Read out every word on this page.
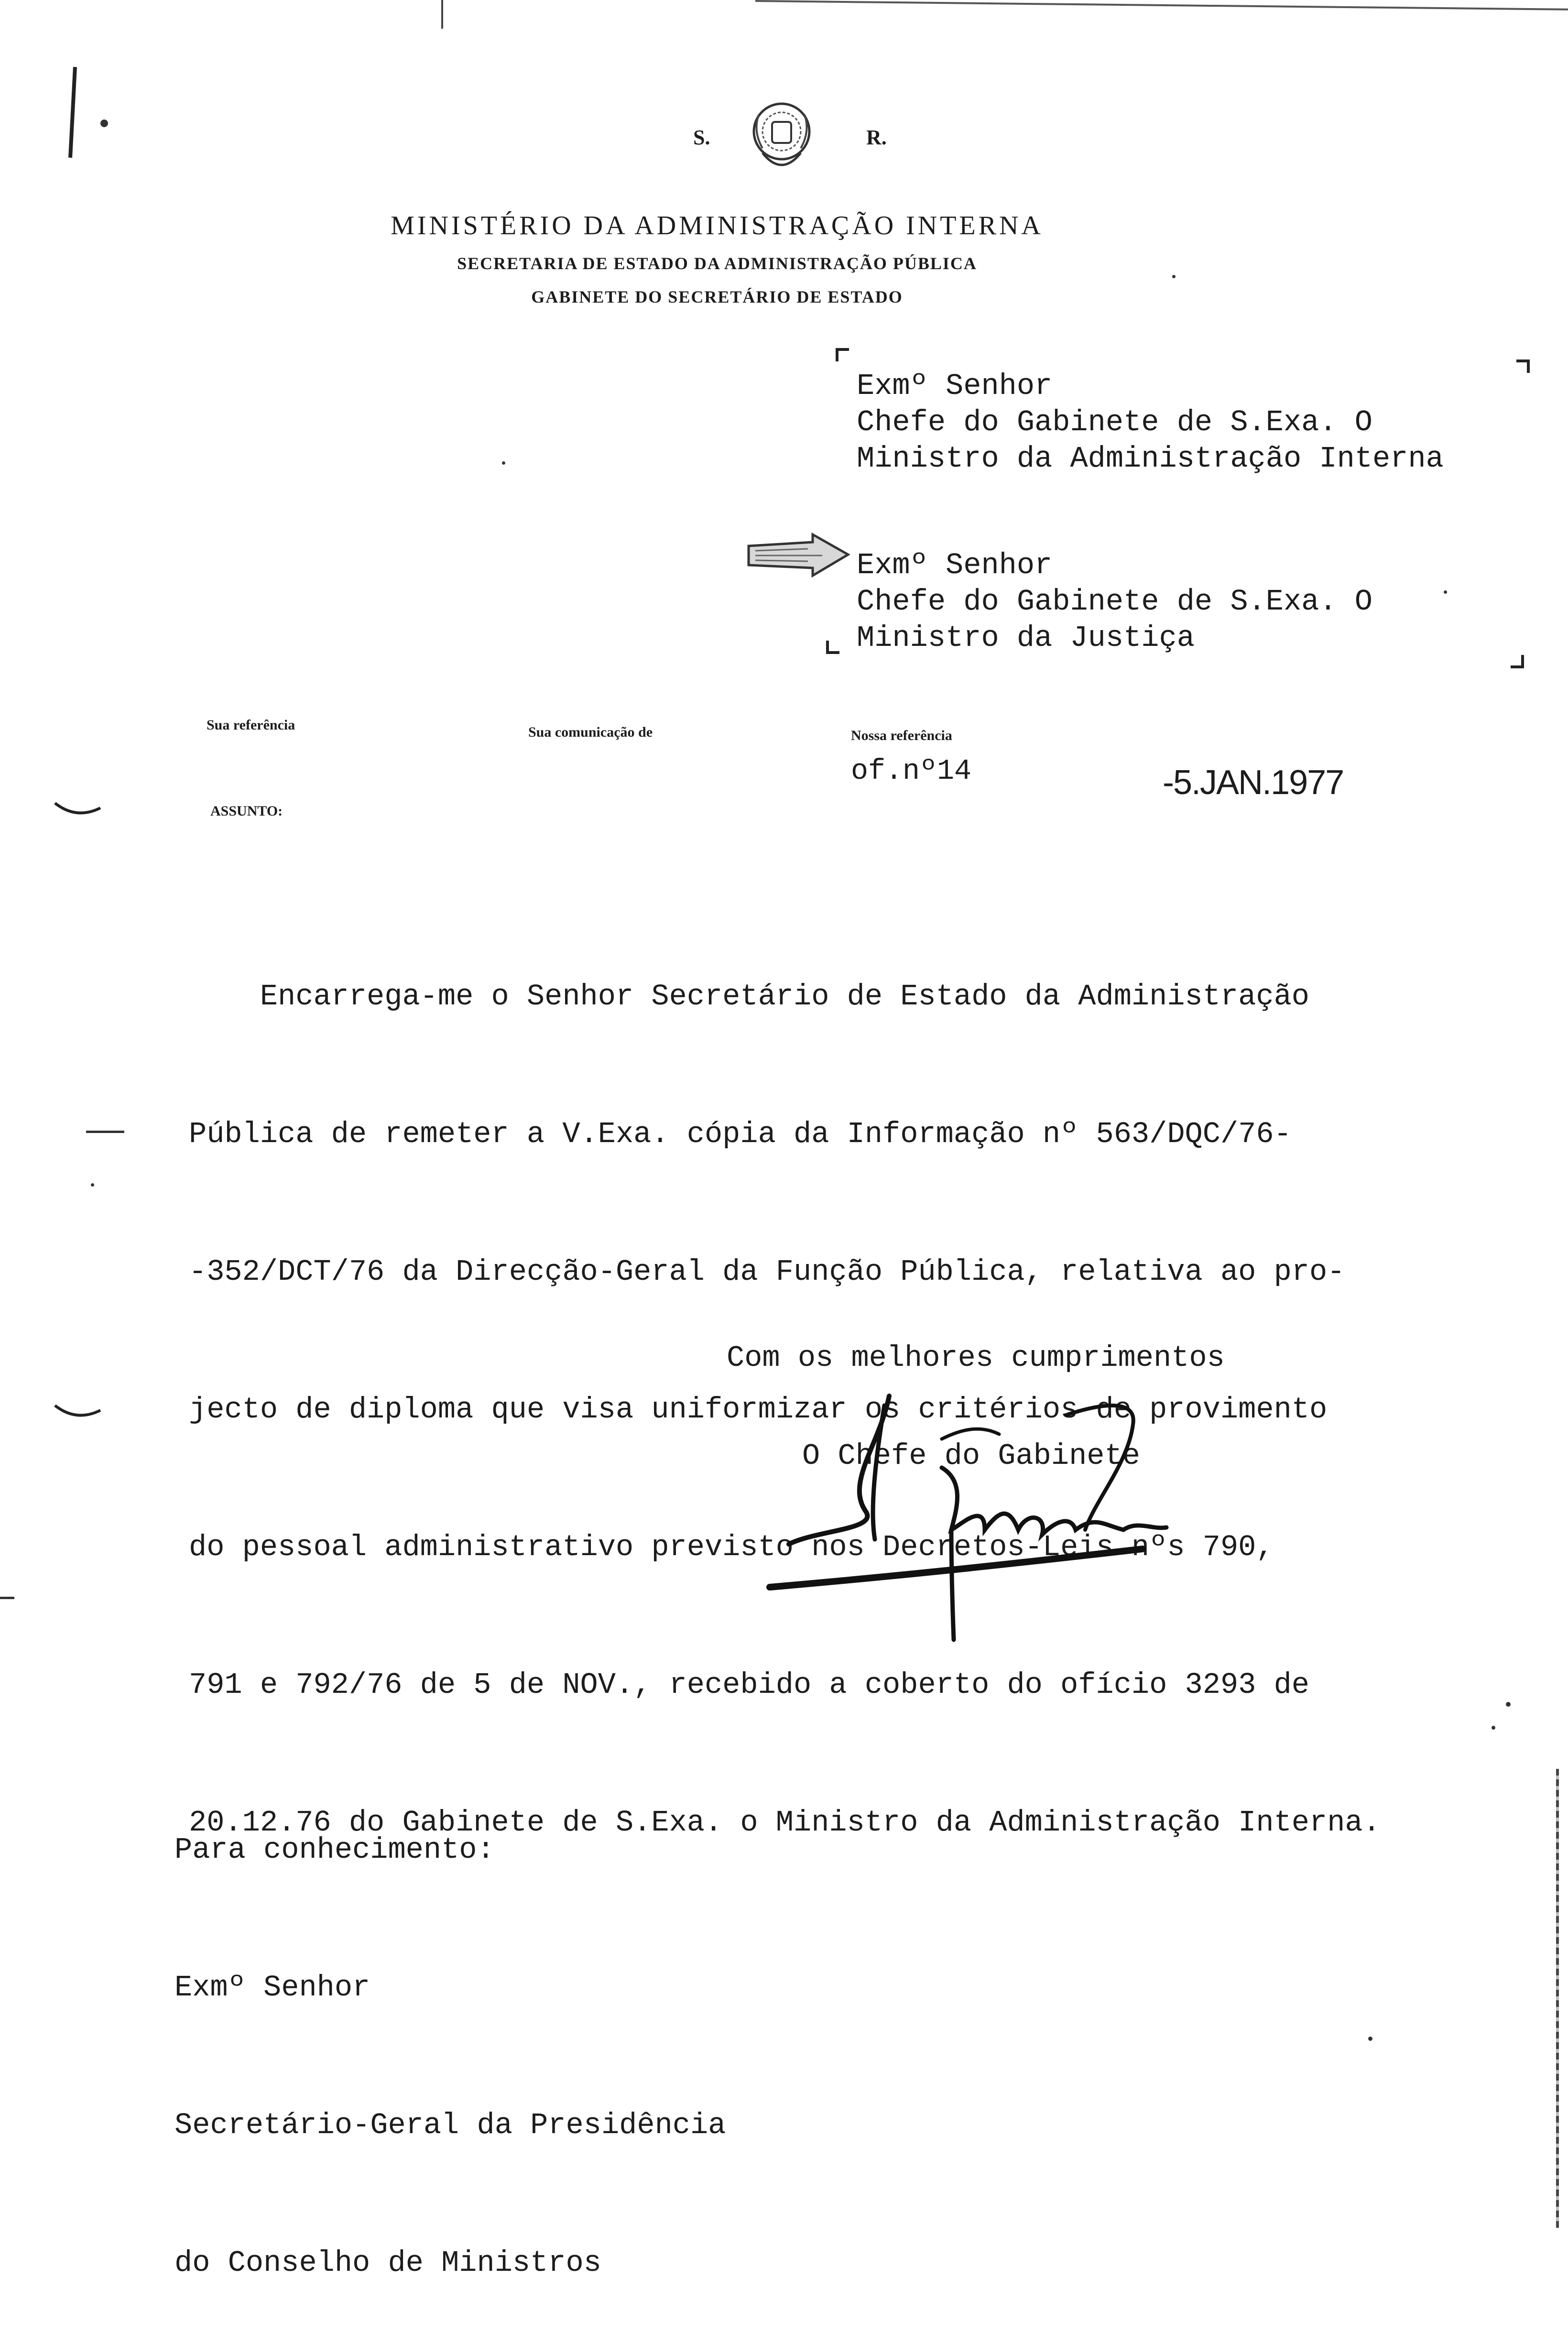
S.	R.
MINISTÉRIO DA ADMINISTRAÇÃO INTERNA
SECRETARIA DE ESTADO DA ADMINISTRAÇÃO PÚBLICA
GABINETE DO SECRETÁRIO DE ESTADO
Exmº Senhor
Chefe do Gabinete de S.Exa. O
Ministro da Administração Interna
Exmº Senhor
Chefe do Gabinete de S.Exa. O
Ministro da Justiça
Sua referência	Sua comunicação de	Nossa referência
of.nº14	-5.JAN.1977
ASSUNTO:

Encarrega-me o Senhor Secretário de Estado da Administração

Pública de remeter a V.Exa. cópia da Informação nº 563/DQC/76-

-352/DCT/76 da Direcção-Geral da Função Pública, relativa ao pro-

jecto de diploma que visa uniformizar os critérios de provimento

do pessoal administrativo previsto nos Decretos-Leis nºs 790,

791 e 792/76 de 5 de NOV., recebido a coberto do ofício 3293 de

20.12.76 do Gabinete de S.Exa. o Ministro da Administração Interna.

Com os melhores cumprimentos
O Chefe do Gabinete

Para conhecimento:

Exmº Senhor

Secretário-Geral da Presidência

do Conselho de Ministros
